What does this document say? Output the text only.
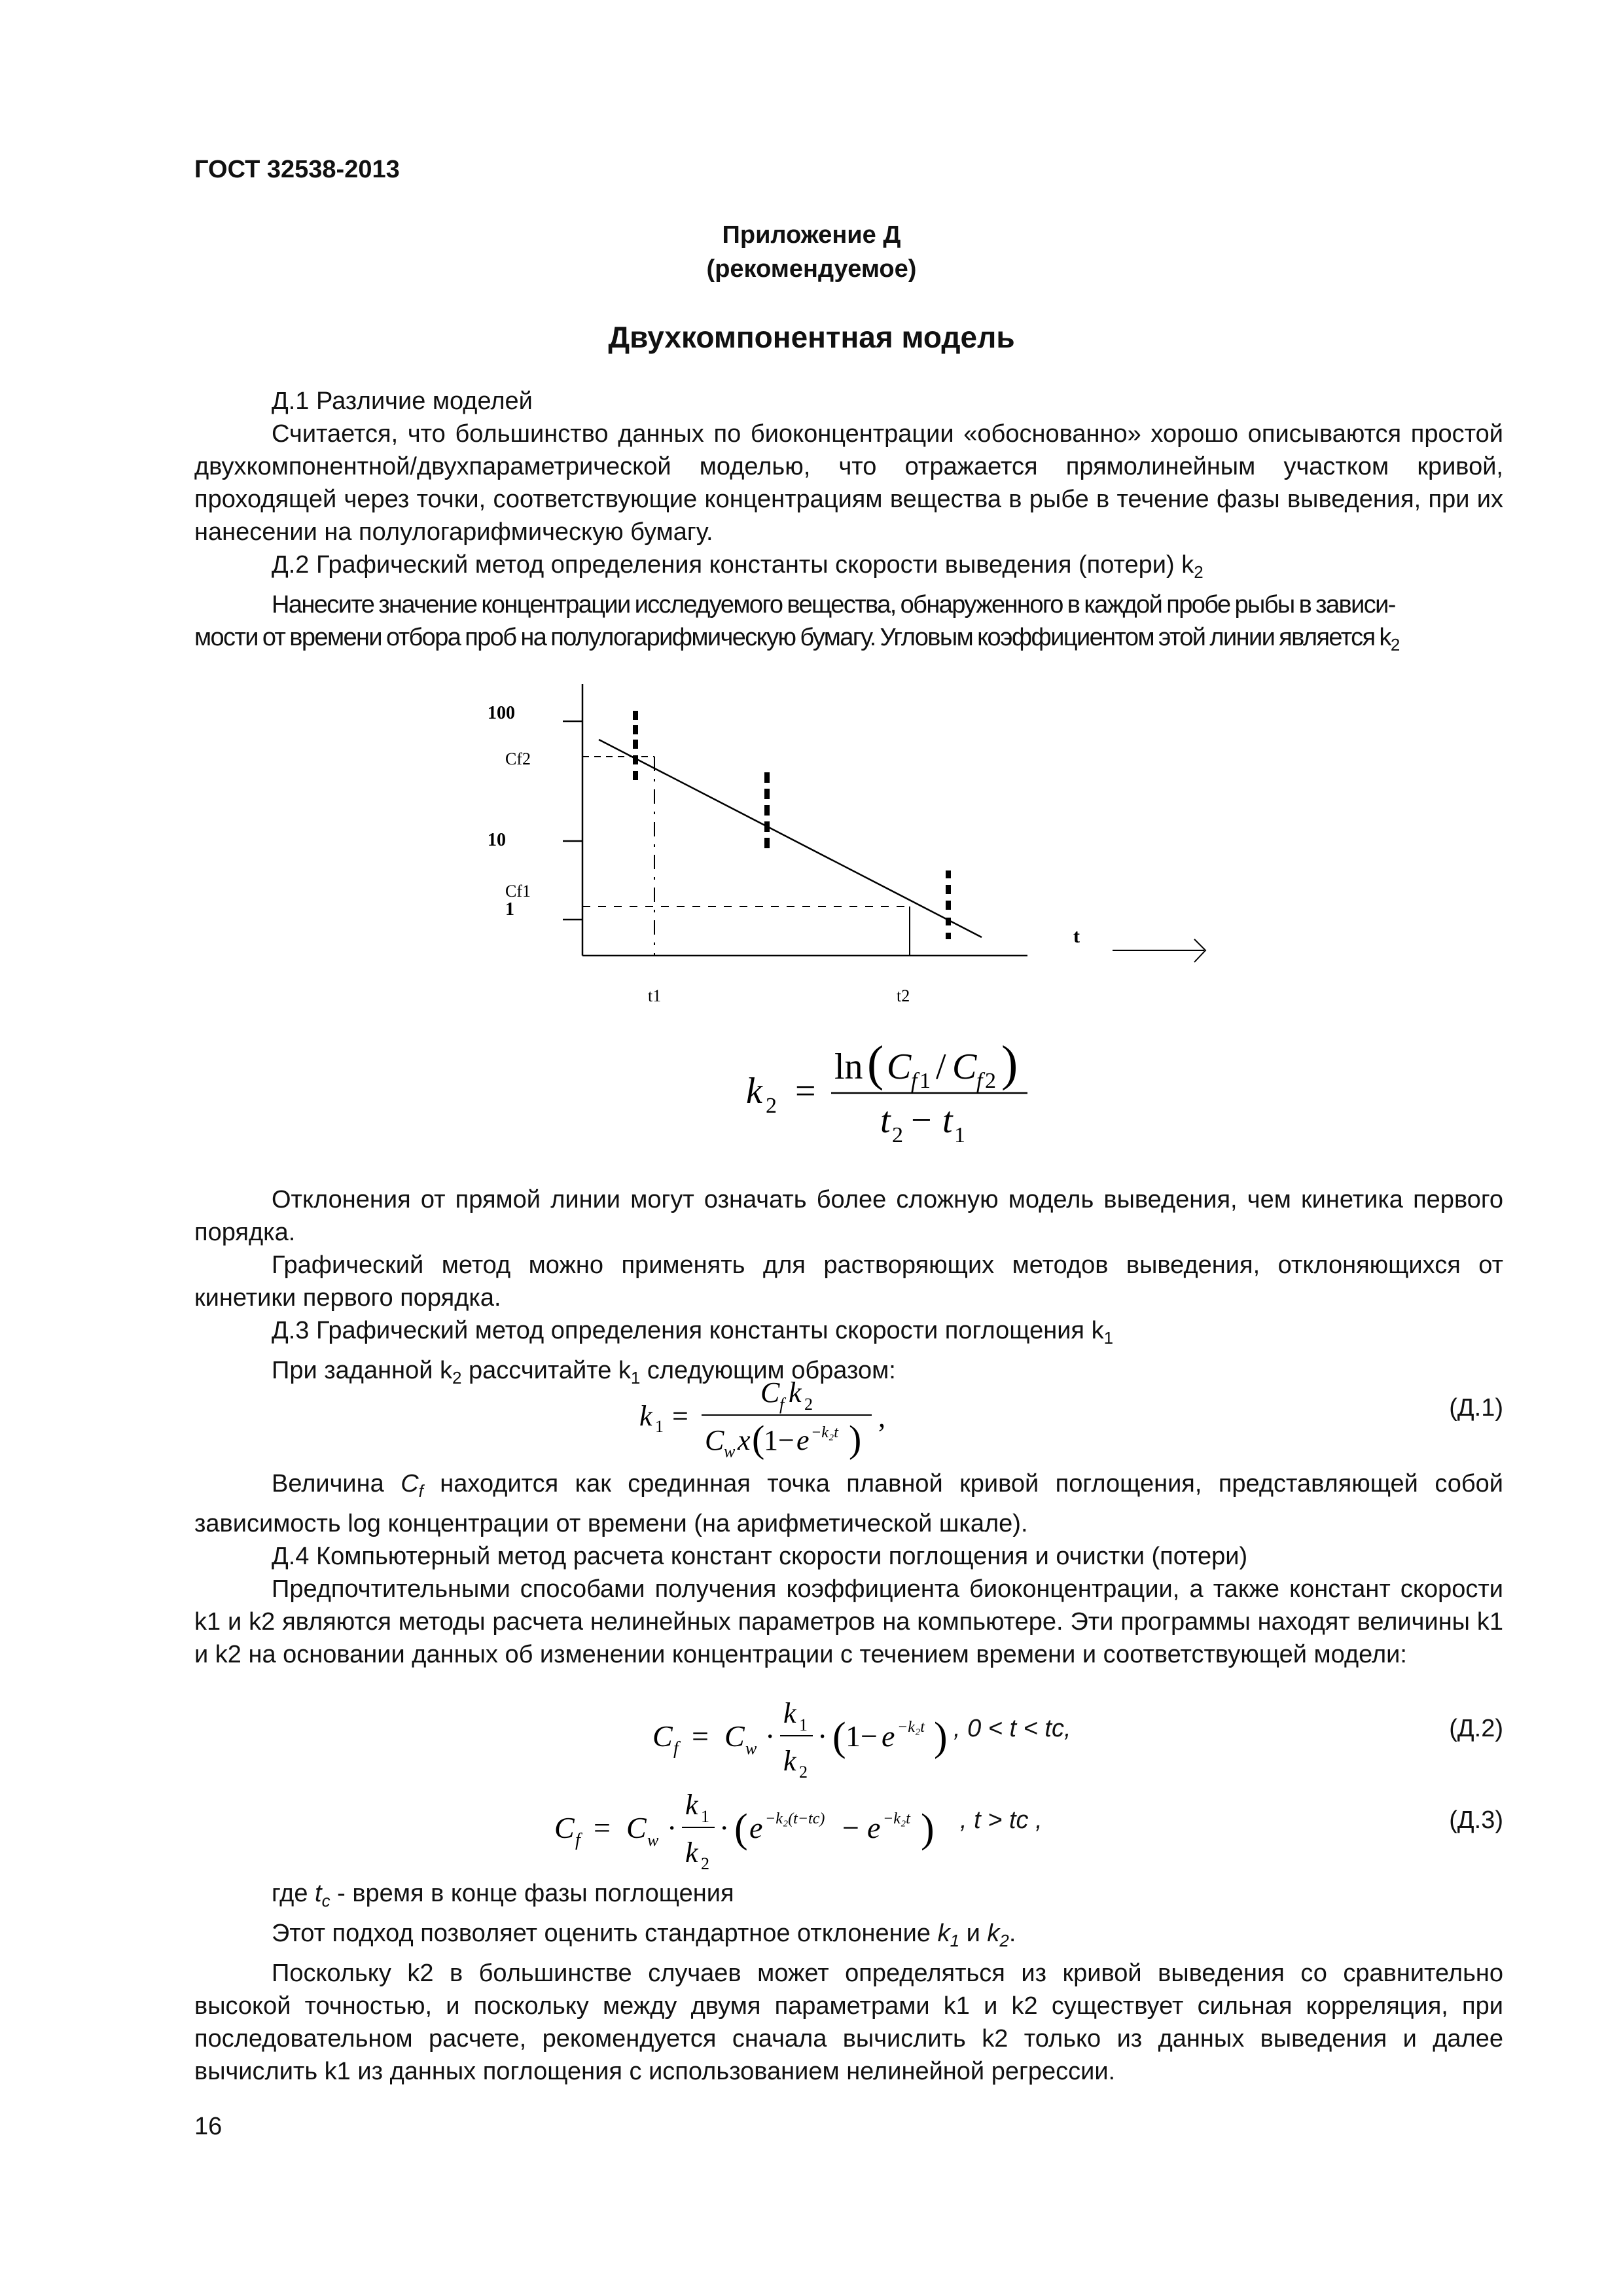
ГОСТ 32538-2013
Приложение Д
(рекомендуемое)
Двухкомпонентная модель

Д.1 Различие моделей

Считается, что большинство данных по биоконцентрации «обоснованно» хорошо описываются простой двухкомпонентной/двухпараметрической моделью, что отражается прямолинейным участком кривой, проходящей через точки, соответствующие концентрациям вещества в рыбе в течение фазы выведения, при их нанесении на полулогарифмическую бумагу.

Д.2 Графический метод определения константы скорости выведения (потери) $k_2$

Нанесите значение концентрации исследуемого вещества, обнаруженного в каждой пробе рыбы в зависи-

мости от времени отбора проб на полулогарифмическую бумагу. Угловым коэффициентом этой линии является $k_2$

100
Cf2
10
Cf1
1
t1	t2
t
k 2 =
ln ( C f 1 / C f 2 )
t 2 − t 1

Отклонения от прямой линии могут означать более сложную модель выведения, чем кинетика первого порядка.

Графический метод можно применять для растворяющих методов выведения, отклоняющихся от кинетики первого порядка.

Д.3 Графический метод определения константы скорости поглощения $k_1$

При заданной $k_2$ рассчитайте $k_1$ следующим образом:

k 1 =
C f k 2
C w x (
1− e −k₂t )
,	(Д.1)

Величина $C_f$ находится как срединная точка плавной кривой поглощения, представляющей собой зависимость log концентрации от времени (на арифметической шкале).

Д.4 Компьютерный метод расчета констант скорости поглощения и очистки (потери)

Предпочтительными способами получения коэффициента биоконцентрации, а также констант скорости k1 и k2 являются методы расчета нелинейных параметров на компьютере. Эти программы находят величины k1 и k2 на основании данных об изменении концентрации с течением времени и соответствующей модели:

C f = C w ·
k 1
k 2
· ( 1− e −k₂t ) , 0 < t < tc,	(Д.2)
C f = C w ·
k 1
k 2
· ( e −k₂(t−tc) − e −k₂t ) , t > tc ,	(Д.3)

где $t_c$ - время в конце фазы поглощения

Этот подход позволяет оценить стандартное отклонение $k_1$ и $k_2$.

Поскольку k2 в большинстве случаев может определяться из кривой выведения со сравнительно высокой точностью, и поскольку между двумя параметрами k1 и k2 существует сильная корреляция, при последовательном расчете, рекомендуется сначала вычислить k2 только из данных выведения и далее вычислить k1 из данных поглощения с использованием нелинейной регрессии.

16
